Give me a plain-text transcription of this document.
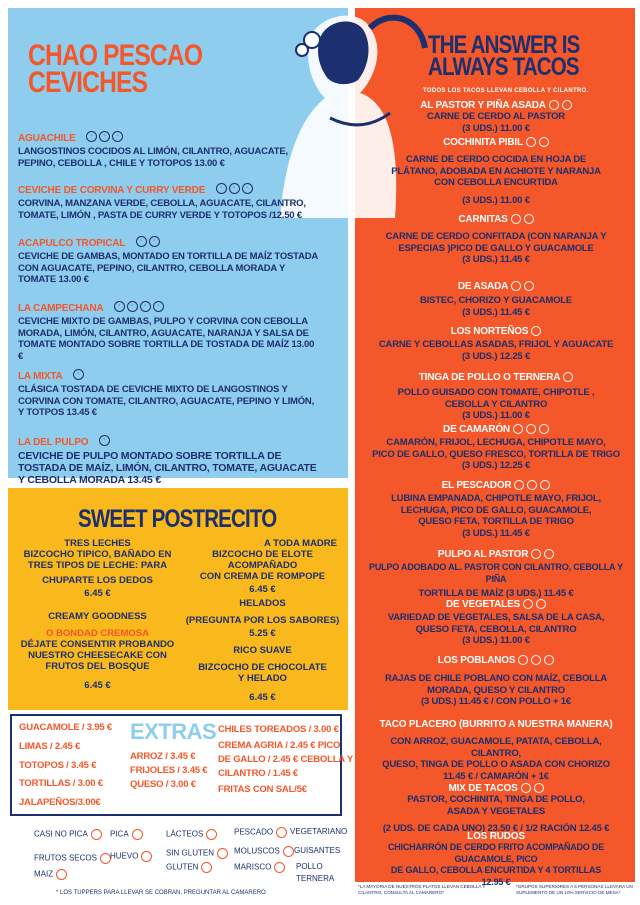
CHAO PESCAO
CEVICHES
AGUACHILE ◦ ◦ ◦
LANGOSTINOS COCIDOS AL LIMÓN, CILANTRO, AGUACATE, PEPINO, CEBOLLA , CHILE Y TOTOPOS 13.00 €
CEVICHE DE CORVINA Y CURRY VERDE ◦ ◦ ◦
CORVINA, MANZANA VERDE, CEBOLLA, AGUACATE, CILANTRO, TOMATE, LIMÓN , PASTA DE CURRY VERDE Y TOTOPOS /12.50 €
ACAPULCO TROPICAL ◦ ◦
CEVICHE DE GAMBAS, MONTADO EN TORTILLA DE MAÍZ TOSTADA CON AGUACATE, PEPINO, CILANTRO, CEBOLLA MORADA Y TOMATE 13.00 €
LA CAMPECHANA ◦ ◦ ◦ ◦
CEVICHE MIXTO DE GAMBAS, PULPO Y CORVINA CON CEBOLLA MORADA, LIMÓN, CILANTRO, AGUACATE, NARANJA Y SALSA DE TOMATE MONTADO SOBRE TORTILLA DE TOSTADA DE MAÍZ 13.00 €
LA MIXTA ◦
CLÁSICA TOSTADA DE CEVICHE MIXTO DE LANGOSTINOS Y CORVINA CON TOMATE, CILANTRO, AGUACATE, PEPINO Y LIMÓN, Y TOTPOS 13.45 €
LA DEL PULPO ◦
CEVICHE DE PULPO MONTADO SOBRE TORTILLA DE TOSTADA DE MAÍZ, LIMÓN, CILANTRO, TOMATE, AGUACATE Y CEBOLLA MORADA 13.45 €
THE ANSWER IS
ALWAYS TACOS
TODOS LOS TACOS LLEVAN CEBOLLA Y CILANTRO.
AL PASTOR Y PIÑA ASADA
CARNE DE CERDO AL PASTOR
(3 UDS.) 11.00 €
COCHINITA PIBIL
CARNE DE CERDO COCIDA EN HOJA DE
PLÁTANO, ADOBADA EN ACHIOTE Y NARANJA
CON CEBOLLA ENCURTIDA
(3 UDS.) 11.00 €
CARNITAS
CARNE DE CERDO CONFITADA (CON NARANJA Y
ESPECIAS )PICO DE GALLO Y GUACAMOLE
(3 UDS.) 11.45 €
DE ASADA
BISTEC, CHORIZO Y GUACAMOLE
(3 UDS.) 11.45 €
LOS NORTEÑOS
CARNE Y CEBOLLAS ASADAS, FRIJOL Y AGUACATE
(3 UDS.) 12.25 €
TINGA DE POLLO O TERNERA
POLLO GUISADO CON TOMATE, CHIPOTLE ,
CEBOLLA Y CILANTRO
(3 UDS.) 11.00 €
DE CAMARÓN
CAMARÓN, FRIJOL, LECHUGA, CHIPOTLE MAYO,
PICO DE GALLO, QUESO FRESCO, TORTILLA DE TRIGO
(3 UDS.) 12.25 €
EL PESCADOR
LUBINA EMPANADA, CHIPOTLE MAYO, FRIJOL,
LECHUGA, PICO DE GALLO, GUACAMOLE,
QUESO FETA, TORTILLA DE TRIGO
(3 UDS.) 11.45 €
PULPO AL PASTOR
PULPO ADOBADO AL. PASTOR CON CILANTRO, CEBOLLA Y PIÑA
TORTILLA DE MAÍZ (3 UDS.) 11.45 €
DE VEGETALES
VARIEDAD DE VEGETALES, SALSA DE LA CASA,
QUESO FETA, CEBOLLA, CILANTRO
(3 UDS.) 11.00 €
LOS POBLANOS
RAJAS DE CHILE POBLANO CON MAÍZ, CEBOLLA
MORADA, QUESO Y CILANTRO
(3 UDS.) 11.45 € / CON POLLO + 1€
TACO PLACERO (BURRITO A NUESTRA MANERA)
CON ARROZ, GUACAMOLE, PATATA, CEBOLLA, CILANTRO,
QUESO, TINGA DE POLLO O ASADA CON CHORIZO
11.45 € / CAMARÓN + 1€
MIX DE TACOS
PASTOR, COCHINITA, TINGA DE POLLO,
ASADA Y VEGETALES
(2 UDS. DE CADA UNO) 23.50 € / 1/2 RACIÓN 12.45 €
LOS RUDOS
CHICHARRÓN DE CERDO FRITO ACOMPAÑADO DE GUACAMOLE, PICO
DE GALLO, CEBOLLA ENCURTIDA Y 4 TORTILLAS
12.95 €
*LA MAYORIA DE NUESTROS PLATOS LLEVAN CEBOLLA Y CILANTRO, CONSULTA AL CAMARERO*
*GRUPOS SUPERIORES A 5 PERSONAS LLEVARA UN SUPLEMENTO DE UN 10% SERVICIO DE MESA*
SWEET POSTRECITO
TRES LECHES
BIZCOCHO TIPICO, BAÑADO EN
TRES TIPOS DE LECHE: PARA
CHUPARTE LOS DEDOS
6.45 €
CREAMY GOODNESS
O BONDAD CREMOSA
DÉJATE CONSENTIR PROBANDO
NUESTRO CHEESECAKE CON
FRUTOS DEL BOSQUE
6.45 €
A TODA MADRE
BIZCOCHO DE ELOTE ACOMPAÑADO
CON CREMA DE ROMPOPE
6.45 €
HELADOS
(PREGUNTA POR LOS SABORES)
5.25 €
RICO SUAVE
BIZCOCHO DE CHOCOLATE
Y HELADO
6.45 €
EXTRAS
GUACAMOLE / 3.95 €
LIMAS / 2.45 €
TOTOPOS / 3.45 €
TORTILLAS / 3.00 €
JALAPEÑOS/3.00€
ARROZ / 3.45 €
FRIJOLES / 3.45 €
QUESO / 3.00 €
CHILES TOREADOS / 3.00 €
CREMA AGRIA / 2.45 € PICO
DE GALLO / 2.45 € CEBOLLA Y
CILANTRO / 1.45 €
FRITAS CON SAL/5€
CASI NO PICA	PICA	LÁCTEOS	PESCADO	VEGETARIANO
FRUTOS SECOS	HUEVO	SIN GLUTEN	MOLUSCOS	GUISANTES
MAIZ
GLUTEN	MARISCO	POLLO
TERNERA
* LOS TUPPERS PARA LLEVAR SE COBRAN, PREGUNTAR AL CAMARERO
